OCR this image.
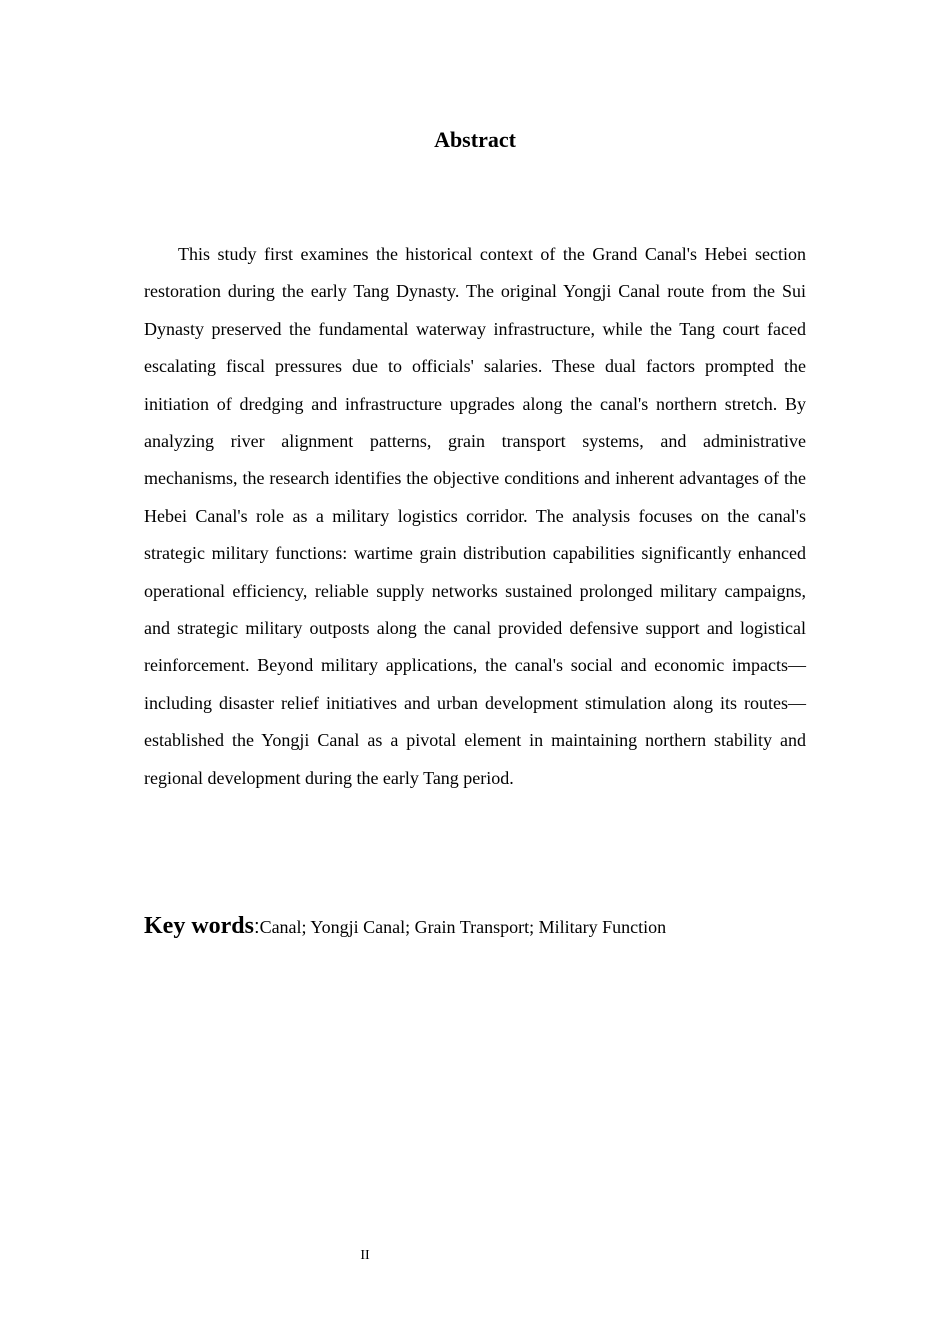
Abstract

This study first examines the historical context of the Grand Canal's Hebei section restoration during the early Tang Dynasty. The original Yongji Canal route from the Sui Dynasty preserved the fundamental waterway infrastructure, while the Tang court faced escalating fiscal pressures due to officials' salaries. These dual factors prompted the initiation of dredging and infrastructure upgrades along the canal's northern stretch. By analyzing river alignment patterns, grain transport systems, and administrative mechanisms, the research identifies the objective conditions and inherent advantages of the Hebei Canal's role as a military logistics corridor. The analysis focuses on the canal's strategic military functions: wartime grain distribution capabilities significantly enhanced operational efficiency, reliable supply networks sustained prolonged military campaigns, and strategic military outposts along the canal provided defensive support and logistical reinforcement. Beyond military applications, the canal's social and economic impacts—including disaster relief initiatives and urban development stimulation along its routes—established the Yongji Canal as a pivotal element in maintaining northern stability and regional development during the early Tang period.

Key words:Canal; Yongji Canal; Grain Transport; Military Function

II
